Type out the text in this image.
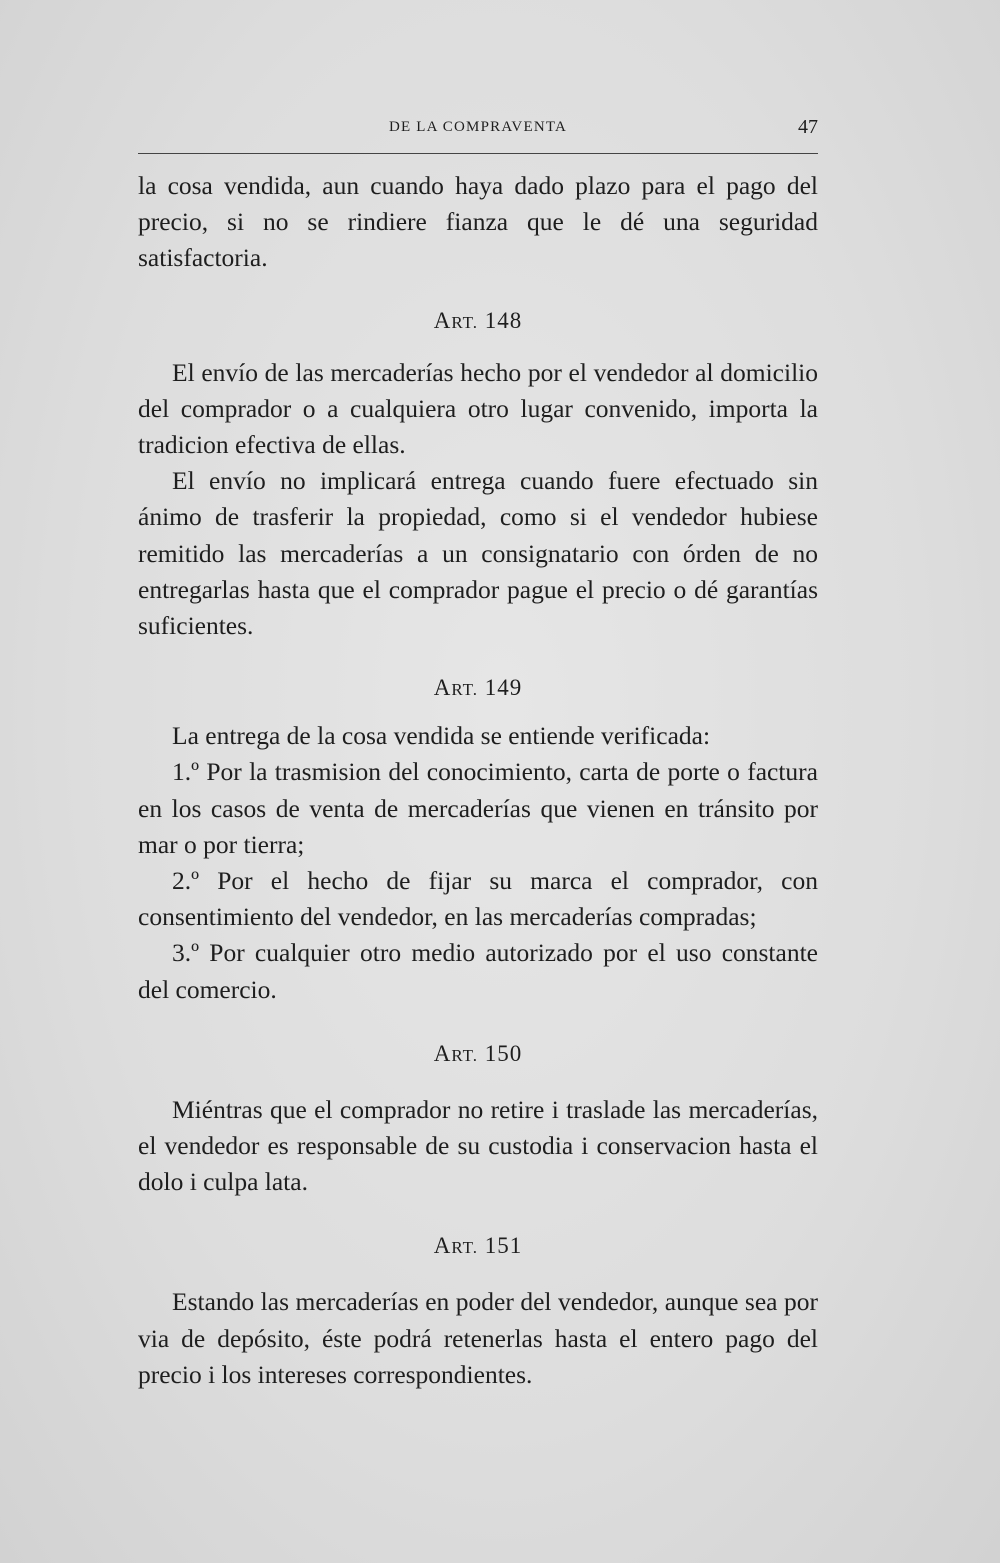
DE LA COMPRAVENTA	47

la cosa vendida, aun cuando haya dado plazo para el pago del precio, si no se rindiere fianza que le dé una seguridad satisfactoria.

ART. 148

El envío de las mercaderías hecho por el vendedor al domicilio del comprador o a cualquiera otro lugar convenido, importa la tradicion efectiva de ellas.

El envío no implicará entrega cuando fuere efectuado sin ánimo de trasferir la propiedad, como si el vendedor hubiese remitido las mercaderías a un consignatario con órden de no entregarlas hasta que el comprador pague el precio o dé garantías suficientes.

ART. 149

La entrega de la cosa vendida se entiende verificada:

1.º Por la trasmision del conocimiento, carta de porte o factura en los casos de venta de mercaderías que vienen en tránsito por mar o por tierra;

2.º Por el hecho de fijar su marca el comprador, con consentimiento del vendedor, en las mercaderías compradas;

3.º Por cualquier otro medio autorizado por el uso constante del comercio.

ART. 150

Miéntras que el comprador no retire i traslade las mercaderías, el vendedor es responsable de su custodia i conservacion hasta el dolo i culpa lata.

ART. 151

Estando las mercaderías en poder del vendedor, aunque sea por via de depósito, éste podrá retenerlas hasta el entero pago del precio i los intereses correspondientes.
